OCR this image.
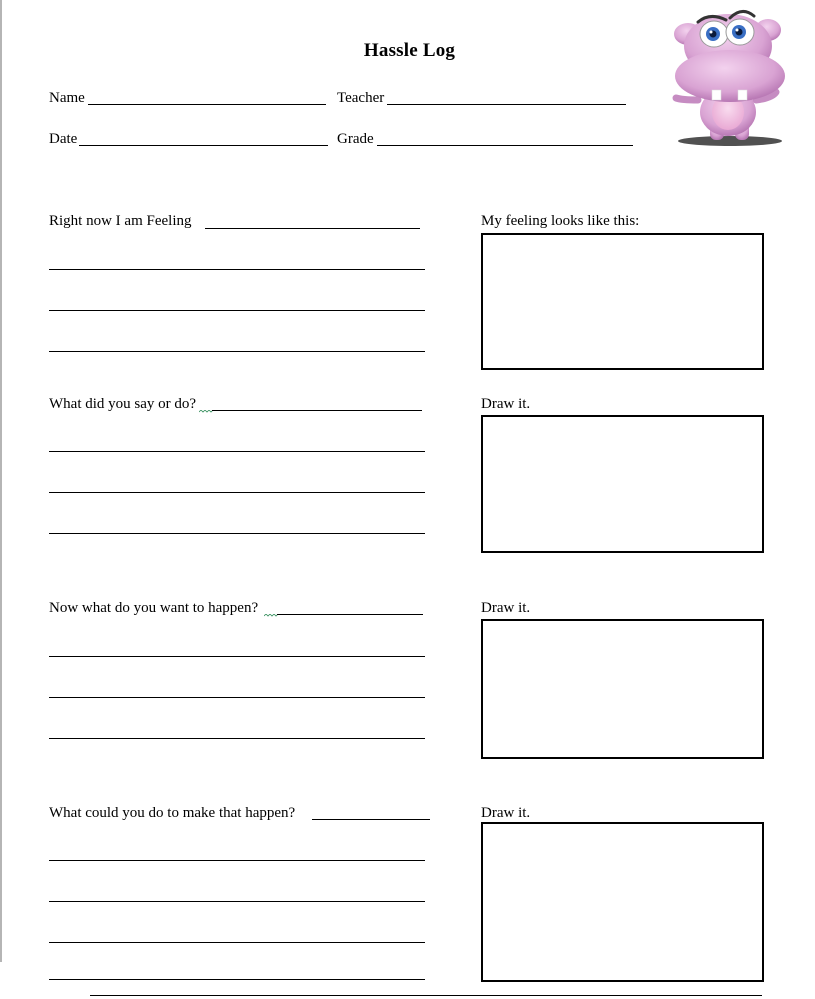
Hassle Log
Name	Teacher
Date	Grade
Right now I am Feeling	My feeling looks like this:
What did you say or do?	Draw it.
Now what do you want to happen?	Draw it.
What could you do to make that happen?	Draw it.
